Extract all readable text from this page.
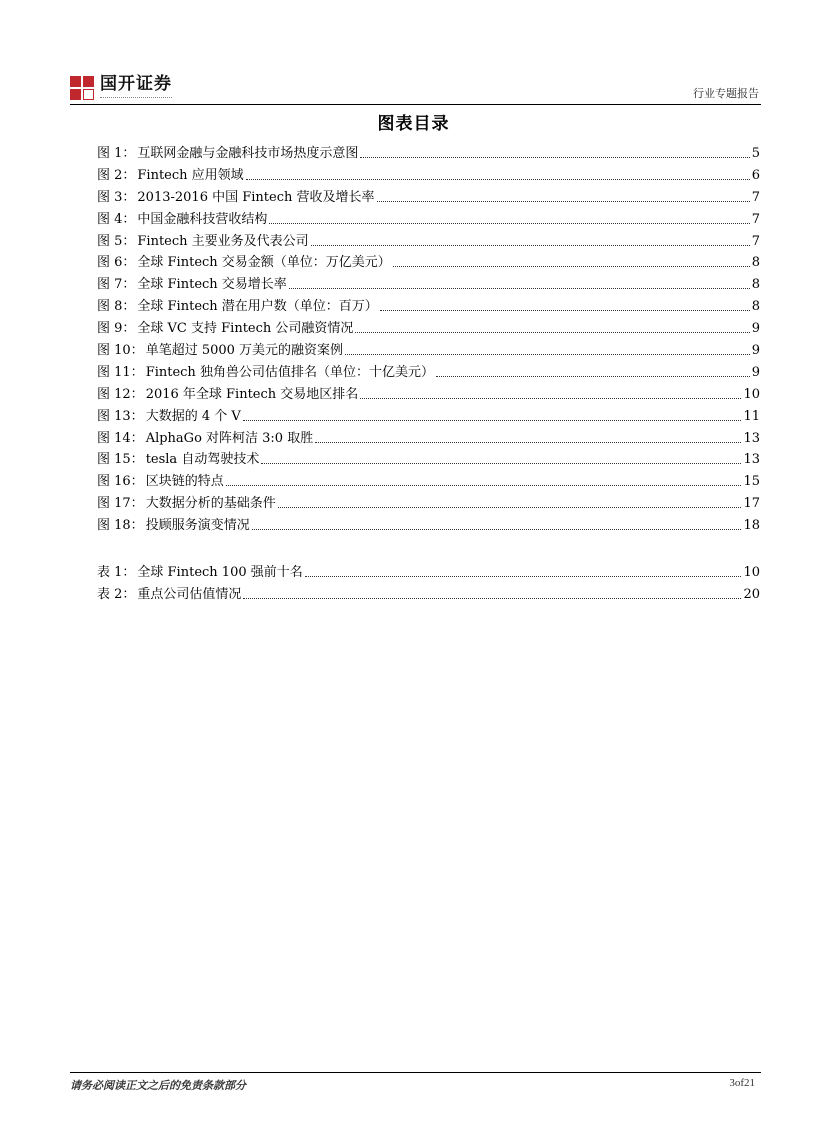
国开证券	行业专题报告
图表目录
图 1： 互联网金融与金融科技市场热度示意图	5
图 2： Fintech 应用领域	6
图 3： 2013-2016 中国 Fintech 营收及增长率	7
图 4： 中国金融科技营收结构	7
图 5： Fintech 主要业务及代表公司	7
图 6： 全球 Fintech 交易金额（单位：万亿美元）	8
图 7： 全球 Fintech 交易增长率	8
图 8： 全球 Fintech 潜在用户数（单位：百万）	8
图 9： 全球 VC 支持 Fintech 公司融资情况	9
图 10： 单笔超过 5000 万美元的融资案例	9
图 11： Fintech 独角兽公司估值排名（单位：十亿美元）	9
图 12： 2016 年全球 Fintech 交易地区排名	10
图 13： 大数据的 4 个 V	11
图 14： AlphaGo 对阵柯洁 3:0 取胜	13
图 15： tesla 自动驾驶技术	13
图 16： 区块链的特点	15
图 17： 大数据分析的基础条件	17
图 18： 投顾服务演变情况	18
表 1： 全球 Fintech 100 强前十名	10
表 2： 重点公司估值情况	20
请务必阅读正文之后的免责条款部分	3of21
